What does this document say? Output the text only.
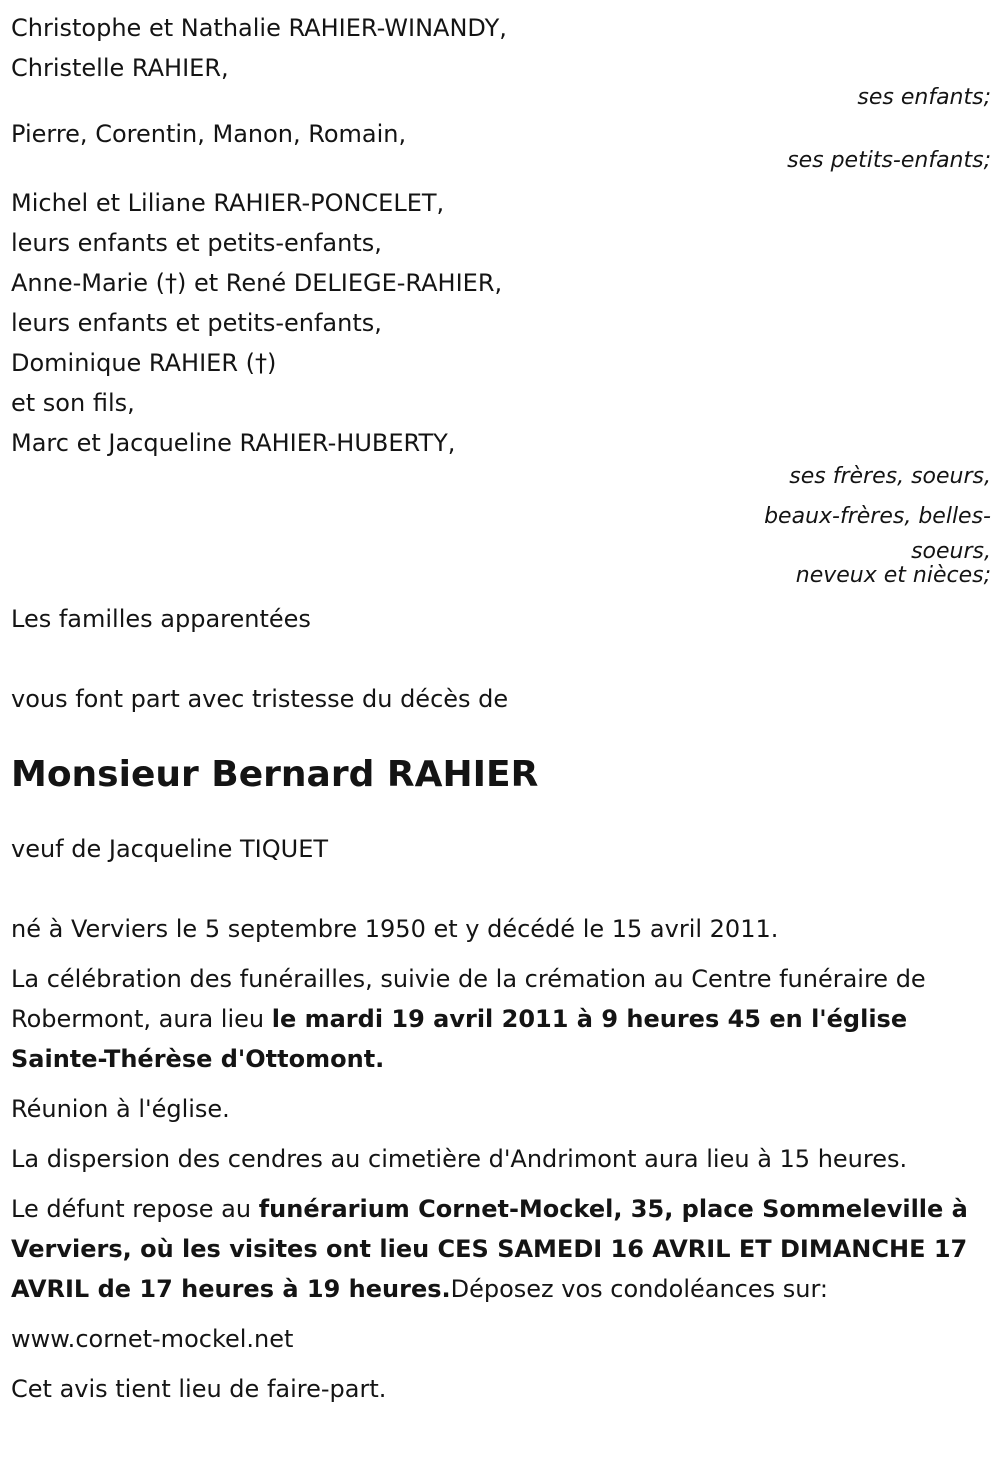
Christophe et Nathalie RAHIER-WINANDY,
Christelle RAHIER,
ses enfants;
Pierre, Corentin, Manon, Romain,
ses petits-enfants;
Michel et Liliane RAHIER-PONCELET,
leurs enfants et petits-enfants,
Anne-Marie (†) et René DELIEGE-RAHIER,
leurs enfants et petits-enfants,
Dominique RAHIER (†)
et son fils,
Marc et Jacqueline RAHIER-HUBERTY,
ses frères, soeurs,
beaux-frères, belles-
soeurs,
neveux et nièces;
Les familles apparentées
vous font part avec tristesse du décès de
Monsieur Bernard RAHIER
veuf de Jacqueline TIQUET
né à Verviers le 5 septembre 1950 et y décédé le 15 avril 2011.
La célébration des funérailles, suivie de la crémation au Centre funéraire de Robermont, aura lieu le mardi 19 avril 2011 à 9 heures 45 en l'église Sainte-Thérèse d'Ottomont.
Réunion à l'église.
La dispersion des cendres au cimetière d'Andrimont aura lieu à 15 heures.
Le défunt repose au funérarium Cornet-Mockel, 35, place Sommeleville à Verviers, où les visites ont lieu CES SAMEDI 16 AVRIL ET DIMANCHE 17 AVRIL de 17 heures à 19 heures.Déposez vos condoléances sur:
www.cornet-mockel.net
Cet avis tient lieu de faire-part.
